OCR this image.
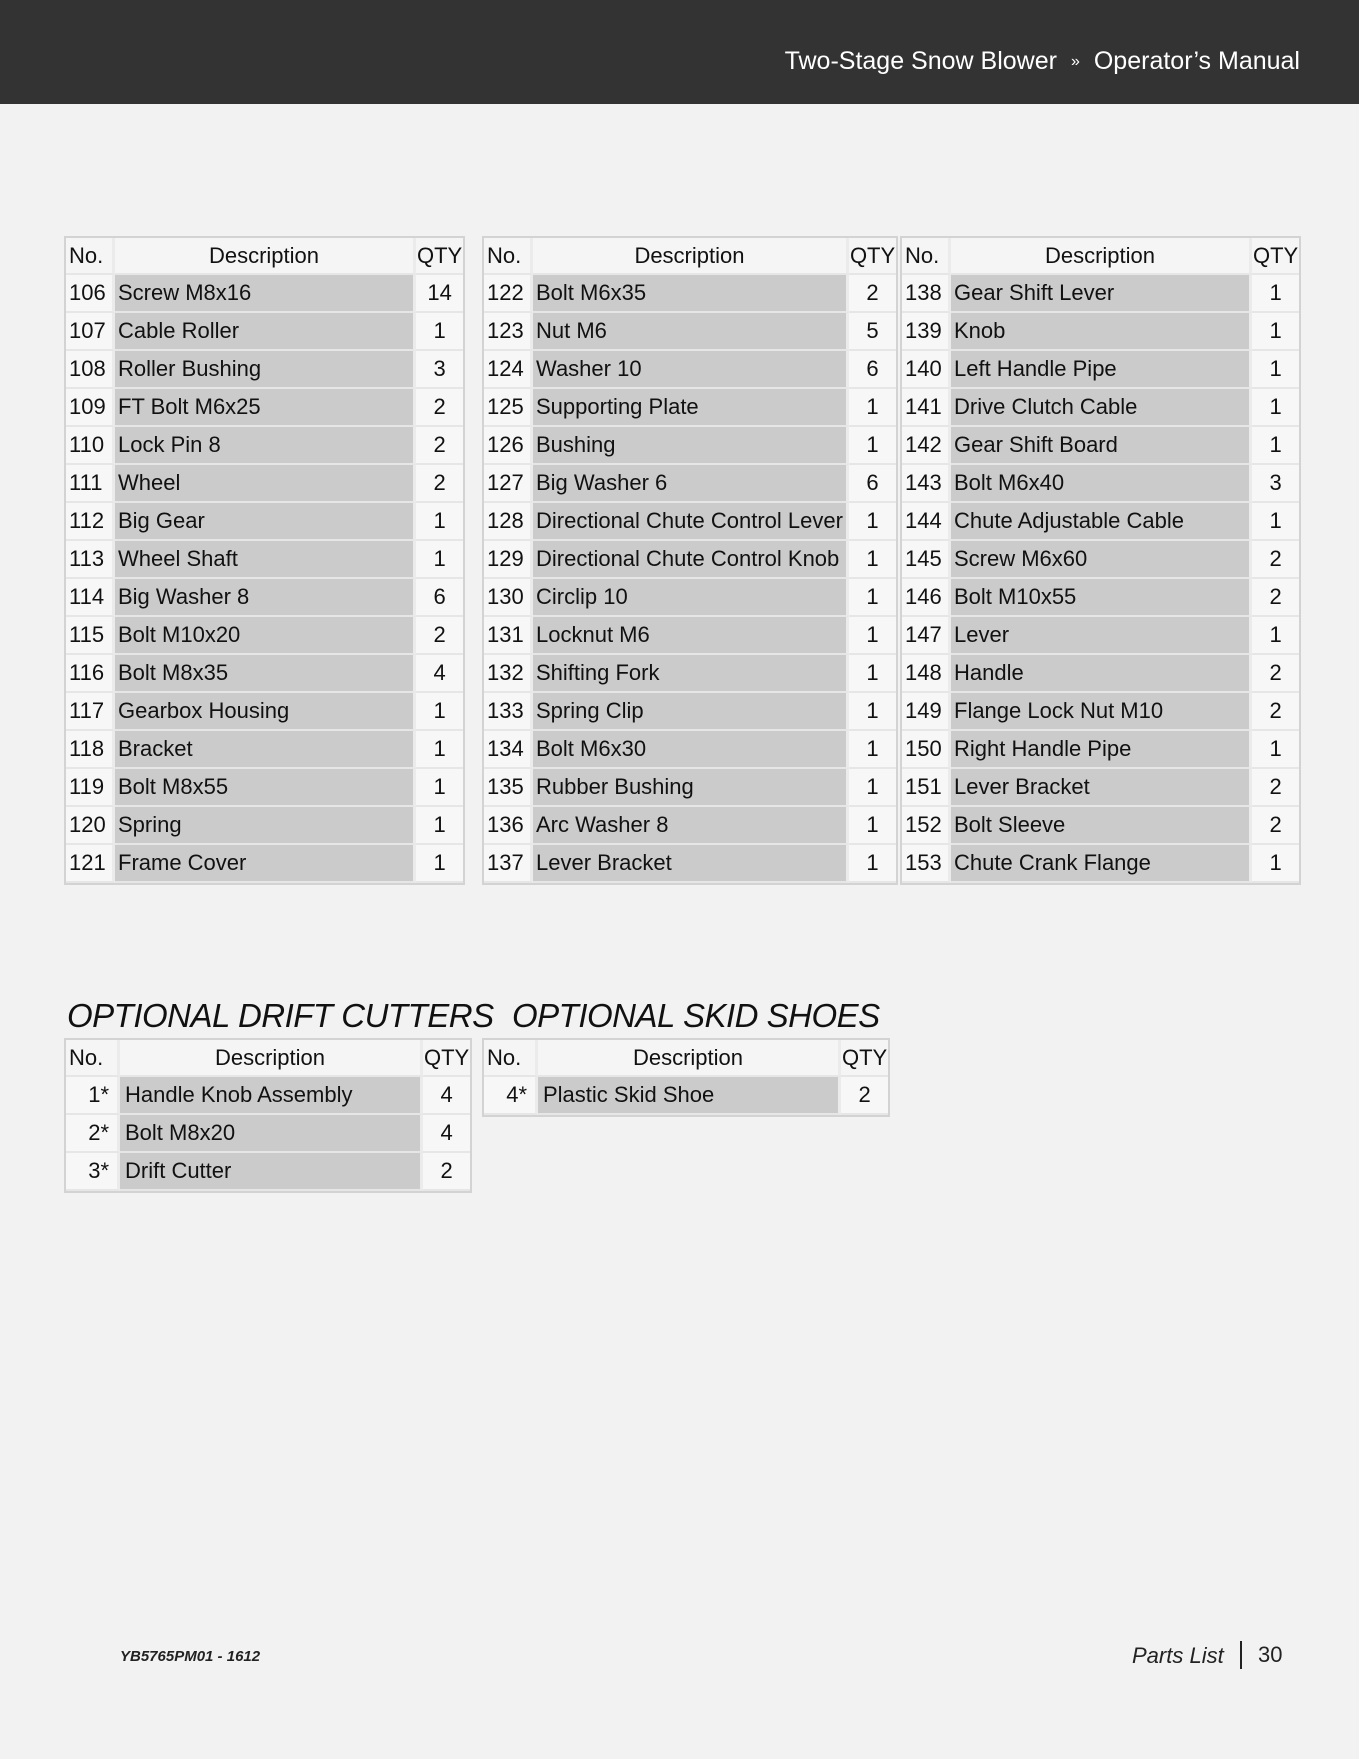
Two-Stage Snow Blower » Operator’s Manual
No.	Description	QTY
106	Screw M8x16	14
107	Cable Roller	1
108	Roller Bushing	3
109	FT Bolt M6x25	2
110	Lock Pin 8	2
111	Wheel	2
112	Big Gear	1
113	Wheel Shaft	1
114	Big Washer 8	6
115	Bolt M10x20	2
116	Bolt M8x35	4
117	Gearbox Housing	1
118	Bracket	1
119	Bolt M8x55	1
120	Spring	1
121	Frame Cover	1
No.	Description	QTY
122	Bolt M6x35	2
123	Nut M6	5
124	Washer 10	6
125	Supporting Plate	1
126	Bushing	1
127	Big Washer 6	6
128	Directional Chute Control Lever	1
129	Directional Chute Control Knob	1
130	Circlip 10	1
131	Locknut M6	1
132	Shifting Fork	1
133	Spring Clip	1
134	Bolt M6x30	1
135	Rubber Bushing	1
136	Arc Washer 8	1
137	Lever Bracket	1
No.	Description	QTY
138	Gear Shift Lever	1
139	Knob	1
140	Left Handle Pipe	1
141	Drive Clutch Cable	1
142	Gear Shift Board	1
143	Bolt M6x40	3
144	Chute Adjustable Cable	1
145	Screw M6x60	2
146	Bolt M10x55	2
147	Lever	1
148	Handle	2
149	Flange Lock Nut M10	2
150	Right Handle Pipe	1
151	Lever Bracket	2
152	Bolt Sleeve	2
153	Chute Crank Flange	1
OPTIONAL DRIFT CUTTERS
No.	Description	QTY
1*	Handle Knob Assembly	4
2*	Bolt M8x20	4
3*	Drift Cutter	2
OPTIONAL SKID SHOES
No.	Description	QTY
4*	Plastic Skid Shoe	2
YB5765PM01 - 1612	Parts List 30
